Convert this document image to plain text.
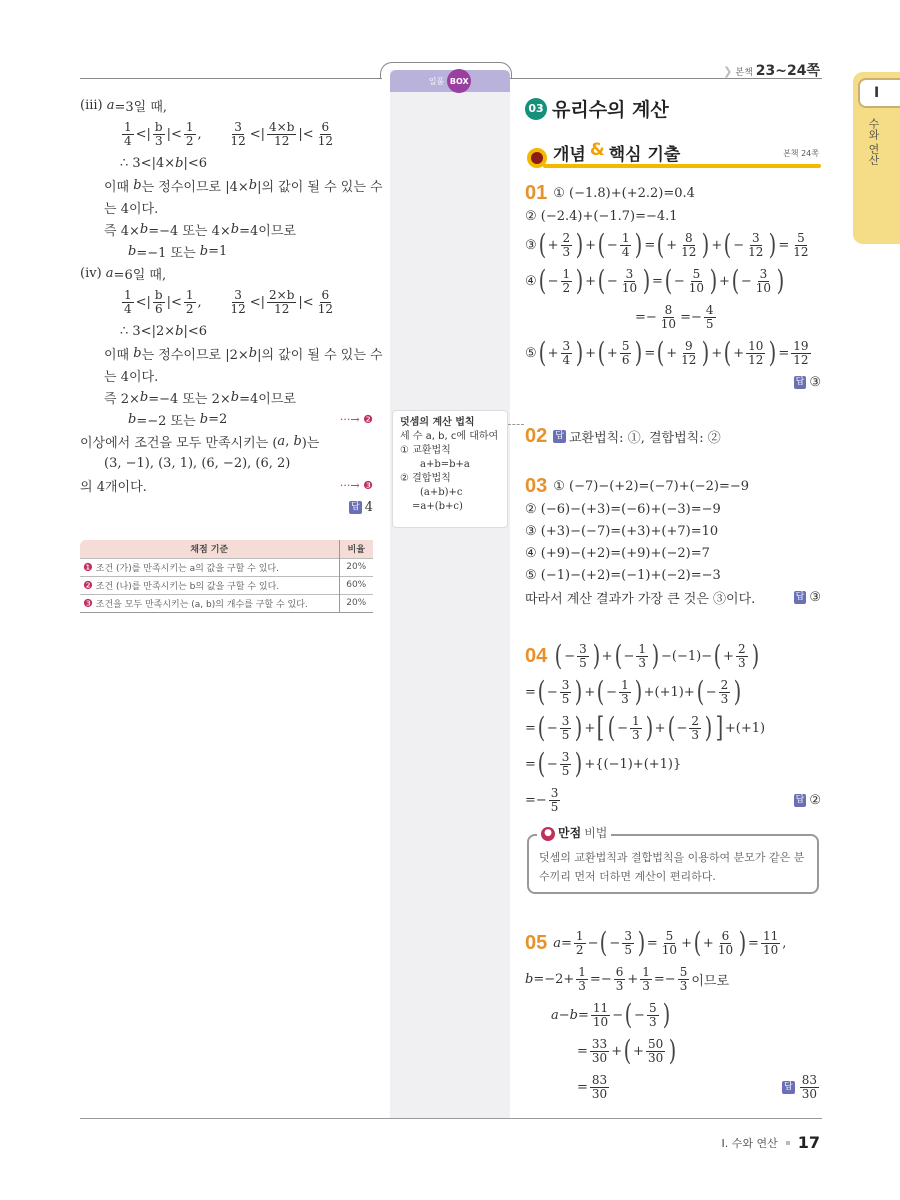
❯ 본책 23~24쪽
일품 BOX
덧셈의 계산 법칙
세 수 a, b, c에 대하여
① 교환법칙
a+b=b+a
② 결합법칙
(a+b)+c
=a+(b+c)
I
수와 연산
(iii) a =3일 때,
$\frac{1}{4}$ <| $\frac{b}{3}$ |< $\frac{1}{2}$ , $\frac{3}{12}$ <| $\frac{4\times b}{12}$ |< $\frac{6}{12}$
∴ 3<|4× b |<6
이때 b 는 정수이므로 |4× b |의 값이 될 수 있는 수
는 4이다.
즉 4× b =−4 또는 4× b =4이므로
b =−1 또는 b =1
(iv) a =6일 때,
$\frac{1}{4}$ <| $\frac{b}{6}$ |< $\frac{1}{2}$ , $\frac{3}{12}$ <| $\frac{2\times b}{12}$ |< $\frac{6}{12}$
∴ 3<|2× b |<6
이때 b 는 정수이므로 |2× b |의 값이 될 수 있는 수
는 4이다.
즉 2× b =−4 또는 2× b =4이므로
b =−2 또는 b =2	···→ ❷
이상에서 조건을 모두 만족시키는 ( a , b )는
(3, −1), (3, 1), (6, −2), (6, 2)
의 4개이다.	···→ ❸
답 4
채점 기준	비율
❶ 조건 (가)를 만족시키는 a의 값을 구할 수 있다.	20%
❷ 조건 (나)를 만족시키는 b의 값을 구할 수 있다.	60%
❸ 조건을 모두 만족시키는 (a, b)의 개수를 구할 수 있다.	20%
03 유리수의 계산
개념 & 핵심 기출	본책 24쪽
01 ① (−1.8)+(+2.2)=0.4
② (−2.4)+(−1.7)=−4.1
③ ( + $\frac{2}{3}$ ) + ( − $\frac{1}{4}$ ) = ( + $\frac{8}{12}$ ) + ( − $\frac{3}{12}$ ) = $\frac{5}{12}$
④ ( − $\frac{1}{2}$ ) + ( − $\frac{3}{10}$ ) = ( − $\frac{5}{10}$ ) + ( − $\frac{3}{10}$ )
=− $\frac{8}{10} =- \frac{4}{5}$
⑤ ( + $\frac{3}{4}$ ) + ( + $\frac{5}{6}$ ) = ( + $\frac{9}{12}$ ) + ( + $\frac{10}{12}$ ) = $\frac{19}{12}$
답 ③
02 답 교환법칙: ①, 결합법칙: ②
03 ① (−7)−(+2)=(−7)+(−2)=−9
② (−6)−(+3)=(−6)+(−3)=−9
③ (+3)−(−7)=(+3)+(+7)=10
④ (+9)−(+2)=(+9)+(−2)=7
⑤ (−1)−(+2)=(−1)+(−2)=−3
따라서 계산 결과가 가장 큰 것은 ③이다.	답 ③
04 ( − $\frac{3}{5}$ ) + ( − $\frac{1}{3}$ ) −(−1)− ( + $\frac{2}{3}$ )
= ( − $\frac{3}{5}$ ) + ( − $\frac{1}{3}$ ) +(+1)+ ( − $\frac{2}{3}$ )
= ( − $\frac{3}{5}$ ) + [ ( − $\frac{1}{3}$ ) + ( − $\frac{2}{3}$ ) ] +(+1)
= ( − $\frac{3}{5}$ ) +{(−1)+(+1)}
=− $\frac{3}{5}$	답 ②
● 만점 비법
덧셈의 교환법칙과 결합법칙을 이용하여 분모가 같은 분수끼리 먼저 더하면 계산이 편리하다.
05 $a = \frac{1}{2}$ − ( − $\frac{3}{5}$ ) = $\frac{5}{10}$ + ( + $\frac{6}{10}$ ) = $\frac{11}{10}$ ,
$b =-2+ \frac{1}{3} =- \frac{6}{3} + \frac{1}{3} =- \frac{5}{3}$ 이므로
$a - b = \frac{11}{10}$ − ( − $\frac{5}{3}$ )
= $\frac{33}{30}$ + ( + $\frac{50}{30}$ )
= $\frac{83}{30}$	답 $\frac{83}{30}$
I. 수와 연산 17
